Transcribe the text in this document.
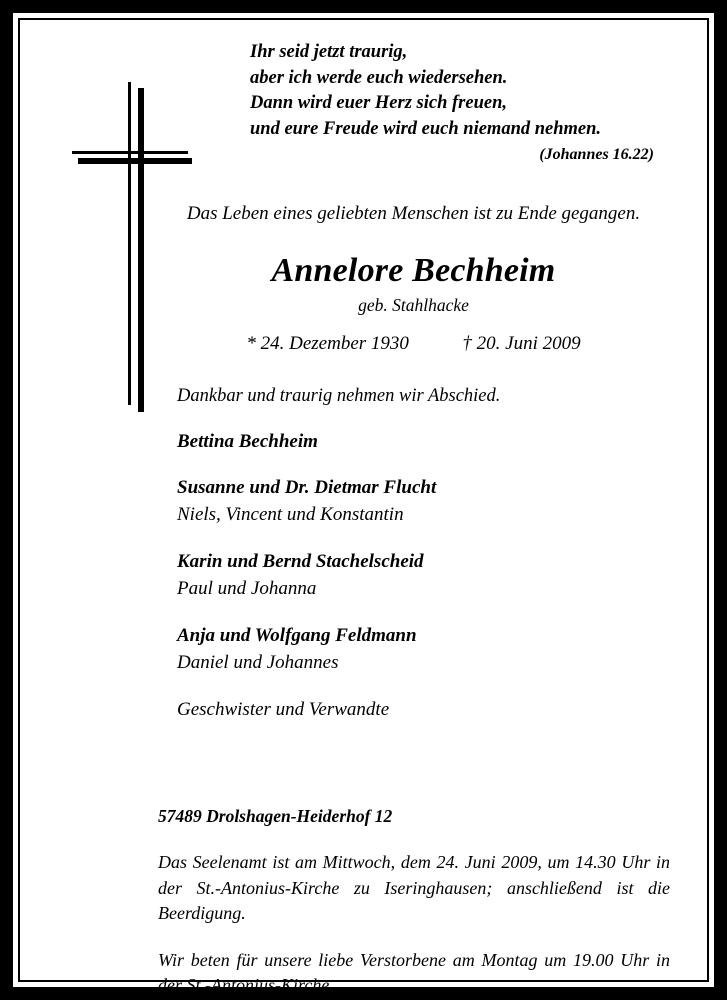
Ihr seid jetzt traurig,

aber ich werde euch wiedersehen.

Dann wird euer Herz sich freuen,

und eure Freude wird euch niemand nehmen.

(Johannes 16.22)

Das Leben eines geliebten Menschen ist zu Ende gegangen.

Annelore Bechheim

geb. Stahlhacke

* 24. Dezember 1930	† 20. Juni 2009

Dankbar und traurig nehmen wir Abschied.

Bettina Bechheim
Susanne und Dr. Dietmar Flucht
Niels, Vincent und Konstantin
Karin und Bernd Stachelscheid
Paul und Johanna
Anja und Wolfgang Feldmann
Daniel und Johannes
Geschwister und Verwandte

57489 Drolshagen-Heiderhof 12

Das Seelenamt ist am Mittwoch, dem 24. Juni 2009, um 14.30 Uhr in der St.-Antonius-Kirche zu Iseringhausen; anschließend ist die Beerdigung.

Wir beten für unsere liebe Verstorbene am Montag um 19.00 Uhr in der St.-Antonius-Kirche.
